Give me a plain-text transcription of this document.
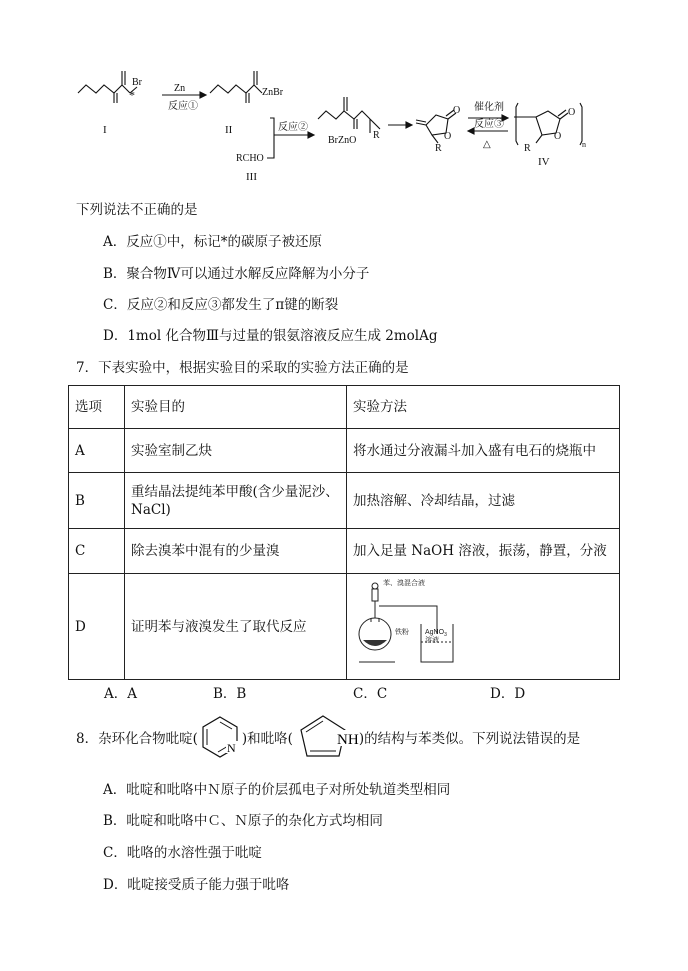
Br
*	Zn
反应①
I
ZnBr
II	反应②
RCHO
III
BrZnO R	O
O
R
催化剂
反应③
△
O
O
n
R
IV
下列说法不正确的是
A．反应①中，标记*的碳原子被还原
B．聚合物Ⅳ可以通过水解反应降解为小分子
C．反应②和反应③都发生了π键的断裂
D．1mol 化合物Ⅲ与过量的银氨溶液反应生成 2molAg
7．下表实验中，根据实验目的采取的实验方法正确的是
选项	实验目的	实验方法
A	实验室制乙炔	将水通过分液漏斗加入盛有电石的烧瓶中
B	重结晶法提纯苯甲酸(含少量泥沙、NaCl)	加热溶解、冷却结晶，过滤
C	除去溴苯中混有的少量溴	加入足量 NaOH 溶液，振荡，静置，分液
D	证明苯与液溴发生了取代反应	苯、溴混合液
铁粉 AgNO$_3$
溶液
A．A	B．B	C．C	D．D
8．杂环化合物吡啶(
N
)和吡咯(	NH )的结构与苯类似。下列说法错误的是
A．吡啶和吡咯中Ｎ原子的价层孤电子对所处轨道类型相同
B．吡啶和吡咯中Ｃ、Ｎ原子的杂化方式均相同
C．吡咯的水溶性强于吡啶
D．吡啶接受质子能力强于吡咯
